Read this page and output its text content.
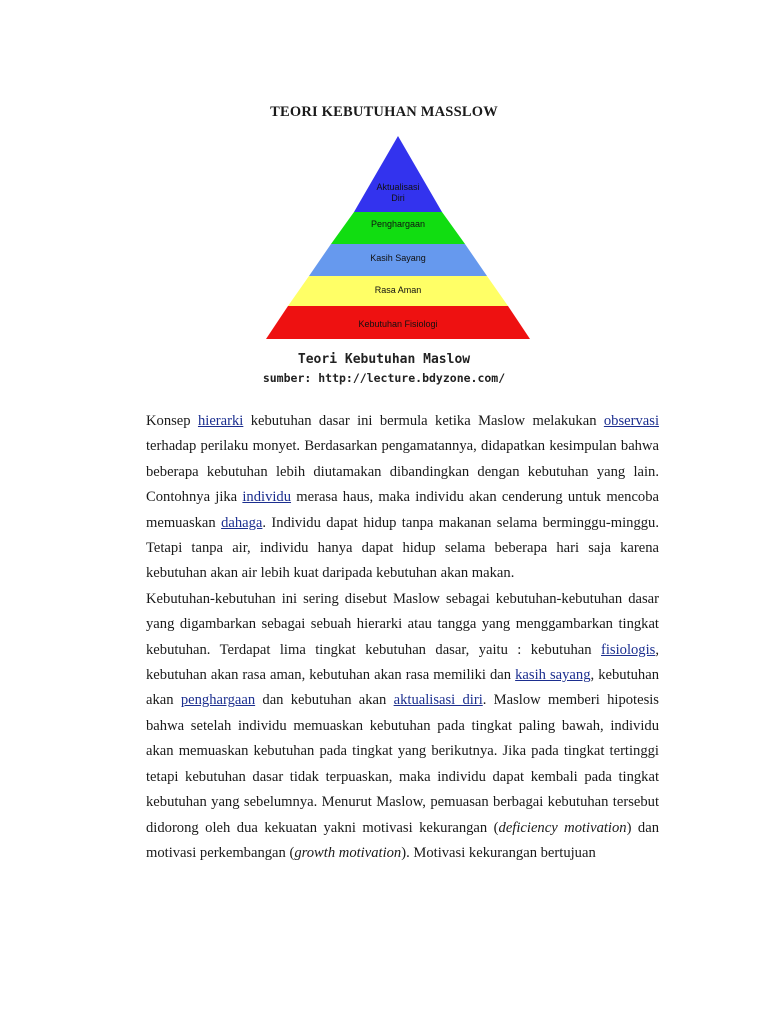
TEORI KEBUTUHAN MASSLOW
Aktualisasi
Diri
Penghargaan
Kasih Sayang
Rasa Aman
Kebutuhan Fisiologi
Teori Kebutuhan Maslow
sumber: http://lecture.bdyzone.com/

Konsep hierarki kebutuhan dasar ini bermula ketika Maslow melakukan observasi terhadap perilaku monyet. Berdasarkan pengamatannya, didapatkan kesimpulan bahwa beberapa kebutuhan lebih diutamakan dibandingkan dengan kebutuhan yang lain. Contohnya jika individu merasa haus, maka individu akan cenderung untuk mencoba memuaskan dahaga. Individu dapat hidup tanpa makanan selama berminggu-minggu. Tetapi tanpa air, individu hanya dapat hidup selama beberapa hari saja karena kebutuhan akan air lebih kuat daripada kebutuhan akan makan.

Kebutuhan-kebutuhan ini sering disebut Maslow sebagai kebutuhan-kebutuhan dasar yang digambarkan sebagai sebuah hierarki atau tangga yang menggambarkan tingkat kebutuhan. Terdapat lima tingkat kebutuhan dasar, yaitu : kebutuhan fisiologis, kebutuhan akan rasa aman, kebutuhan akan rasa memiliki dan kasih sayang, kebutuhan akan penghargaan dan kebutuhan akan aktualisasi diri. Maslow memberi hipotesis bahwa setelah individu memuaskan kebutuhan pada tingkat paling bawah, individu akan memuaskan kebutuhan pada tingkat yang berikutnya. Jika pada tingkat tertinggi tetapi kebutuhan dasar tidak terpuaskan, maka individu dapat kembali pada tingkat kebutuhan yang sebelumnya. Menurut Maslow, pemuasan berbagai kebutuhan tersebut didorong oleh dua kekuatan yakni motivasi kekurangan (deficiency motivation) dan motivasi perkembangan (growth motivation). Motivasi kekurangan bertujuan
